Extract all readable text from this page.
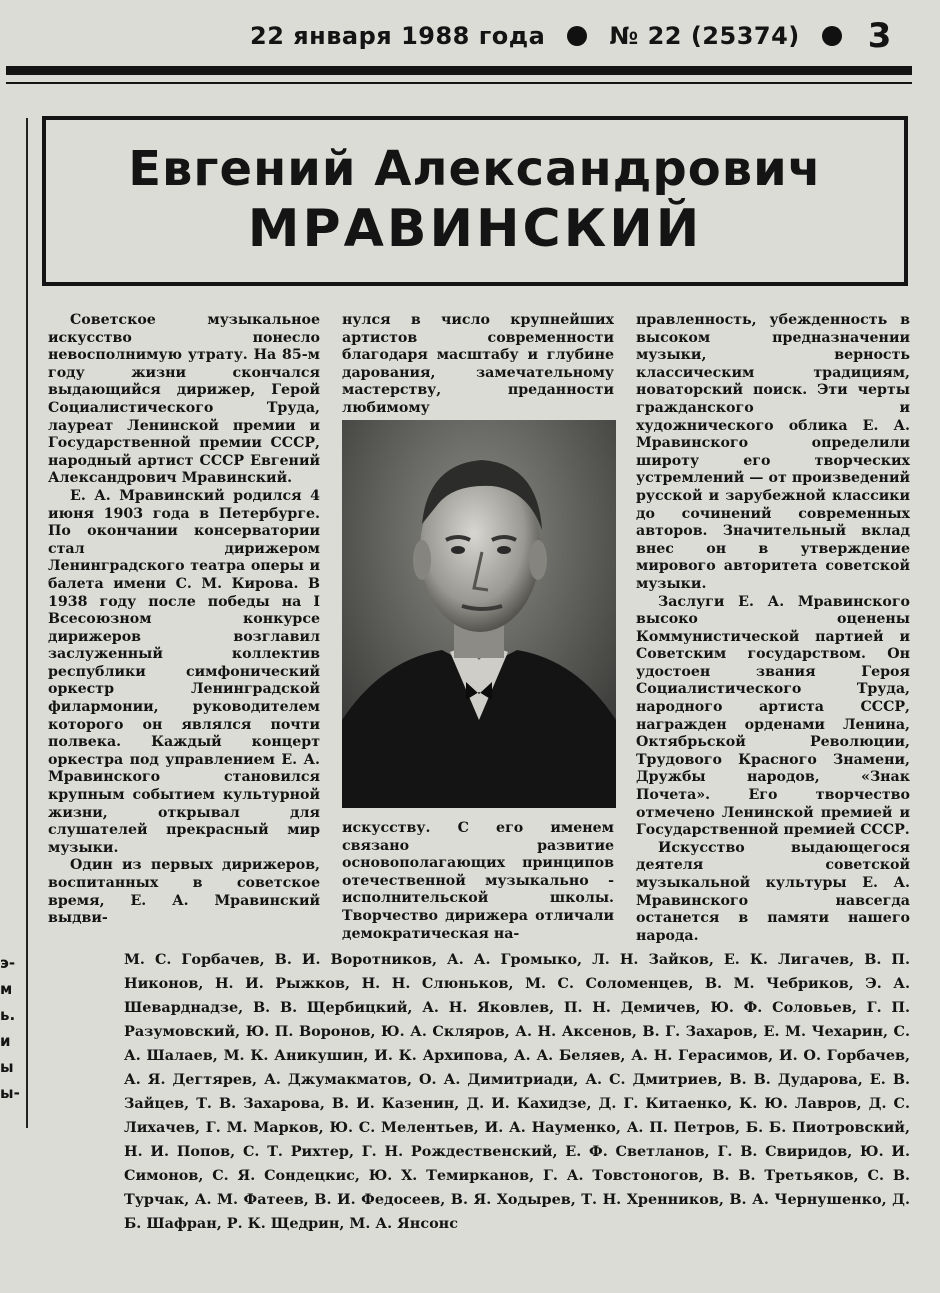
22 января 1988 года	№ 22 (25374) 3
э-
м
ь.
и
ы
ы-
Евгений Александрович
МРАВИНСКИЙ

Советское музыкальное искусство понесло невосполнимую утрату. На 85-м году жизни скончался выдающийся дирижер, Герой Социалистического Труда, лауреат Ленинской премии и Государственной премии СССР, народный артист СССР Евгений Александрович Мравинский.

Е. А. Мравинский родился 4 июня 1903 года в Петербурге. По окончании консерватории стал дирижером Ленинградского театра оперы и балета имени С. М. Кирова. В 1938 году после победы на I Всесоюзном конкурсе дирижеров возглавил заслуженный коллектив республики симфонический оркестр Ленинградской филармонии, руководителем которого он являлся почти полвека. Каждый концерт оркестра под управлением Е. А. Мравинского становился крупным событием культурной жизни, открывал для слушателей прекрасный мир музыки.

Один из первых дирижеров, воспитанных в советское время, Е. А. Мравинский выдви-

нулся в число крупнейших артистов современности благодаря масштабу и глубине дарования, замечательному мастерству, преданности любимому

искусству. С его именем связано развитие основополагающих принципов отечественной музыкально - исполнительской школы. Творчество дирижера отличали демократическая на-

правленность, убежденность в высоком предназначении музыки, верность классическим традициям, новаторский поиск. Эти черты гражданского и художнического облика Е. А. Мравинского определили широту его творческих устремлений — от произведений русской и зарубежной классики до сочинений современных авторов. Значительный вклад внес он в утверждение мирового авторитета советской музыки.

Заслуги Е. А. Мравинского высоко оценены Коммунистической партией и Советским государством. Он удостоен звания Героя Социалистического Труда, народного артиста СССР, награжден орденами Ленина, Октябрьской Революции, Трудового Красного Знамени, Дружбы народов, «Знак Почета». Его творчество отмечено Ленинской премией и Государственной премией СССР.

Искусство выдающегося деятеля советской музыкальной культуры Е. А. Мравинского навсегда останется в памяти нашего народа.

М. С. Горбачев, В. И. Воротников, А. А. Громыко, Л. Н. Зайков, Е. К. Лигачев, В. П. Никонов, Н. И. Рыжков, Н. Н. Слюньков, М. С. Соломенцев, В. М. Чебриков, Э. А. Шеварднадзе, В. В. Щербицкий, А. Н. Яковлев, П. Н. Демичев, Ю. Ф. Соловьев, Г. П. Разумовский, Ю. П. Воронов, Ю. А. Скляров, А. Н. Аксенов, В. Г. Захаров, Е. М. Чехарин, С. А. Шалаев, М. К. Аникушин, И. К. Архипова, А. А. Беляев, А. Н. Герасимов, И. О. Горбачев, А. Я. Дегтярев, А. Джумакматов, О. А. Димитриади, А. С. Дмитриев, В. В. Дударова, Е. В. Зайцев, Т. В. Захарова, В. И. Казенин, Д. И. Кахидзе, Д. Г. Китаенко, К. Ю. Лавров, Д. С. Лихачев, Г. М. Марков, Ю. С. Мелентьев, И. А. Науменко, А. П. Петров, Б. Б. Пиотровский, Н. И. Попов, С. Т. Рихтер, Г. Н. Рождественский, Е. Ф. Светланов, Г. В. Свиридов, Ю. И. Симонов, С. Я. Сондецкис, Ю. Х. Темирканов, Г. А. Товстоногов, В. В. Третьяков, С. В. Турчак, А. М. Фатеев, В. И. Федосеев, В. Я. Ходырев, Т. Н. Хренников, В. А. Чернушенко, Д. Б. Шафран, Р. К. Щедрин, М. А. Янсонс
